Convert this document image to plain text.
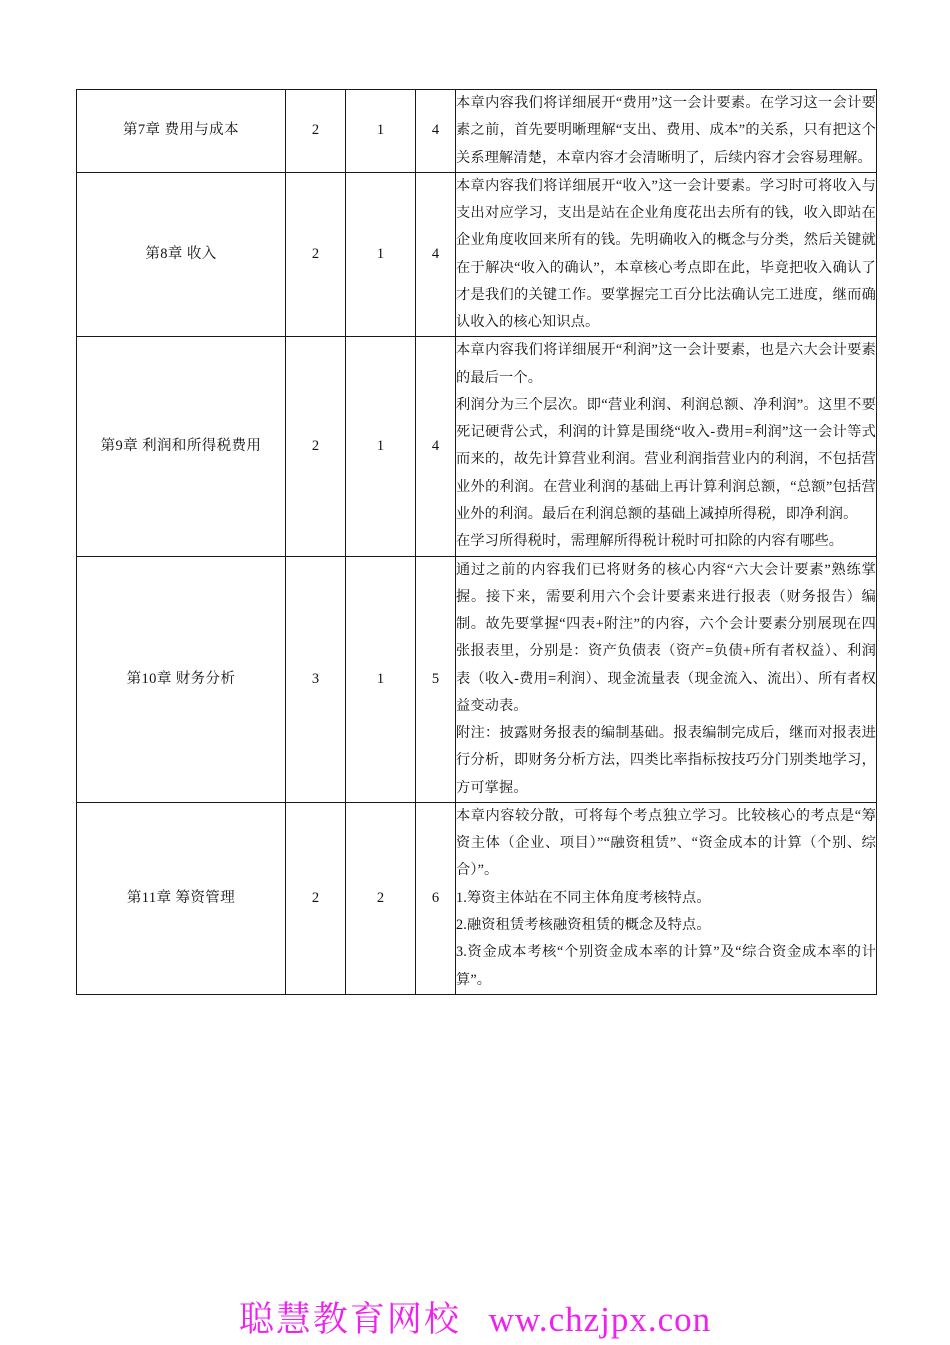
第7章 费用与成本	2	1	4	本章内容我们将详细展开“费用”这一会计要素。在学习这一会计要素之前，首先要明晰理解“支出、费用、成本”的关系，只有把这个关系理解清楚，本章内容才会清晰明了，后续内容才会容易理解。

第8章 收入	2	1	4	本章内容我们将详细展开“收入”这一会计要素。学习时可将收入与支出对应学习，支出是站在企业角度花出去所有的钱，收入即站在企业角度收回来所有的钱。先明确收入的概念与分类，然后关键就在于解决“收入的确认”，本章核心考点即在此，毕竟把收入确认了才是我们的关键工作。要掌握完工百分比法确认完工进度，继而确认收入的核心知识点。

第9章 利润和所得税费用	2	1	4	本章内容我们将详细展开“利润”这一会计要素，也是六大会计要素的最后一个。

利润分为三个层次。即“营业利润、利润总额、净利润”。这里不要死记硬背公式，利润的计算是围绕“收入-费用=利润”这一会计等式而来的，故先计算营业利润。营业利润指营业内的利润，不包括营业外的利润。在营业利润的基础上再计算利润总额，“总额”包括营业外的利润。最后在利润总额的基础上减掉所得税，即净利润。

在学习所得税时，需理解所得税计税时可扣除的内容有哪些。

第10章 财务分析	3	1	5	通过之前的内容我们已将财务的核心内容“六大会计要素”熟练掌握。接下来，需要利用六个会计要素来进行报表（财务报告）编制。故先要掌握“四表+附注”的内容，六个会计要素分别展现在四张报表里，分别是：资产负债表（资产=负债+所有者权益）、利润表（收入-费用=利润）、现金流量表（现金流入、流出）、所有者权益变动表。

附注：披露财务报表的编制基础。报表编制完成后，继而对报表进行分析，即财务分析方法，四类比率指标按技巧分门别类地学习，方可掌握。

第11章 筹资管理	2	2	6	本章内容较分散，可将每个考点独立学习。比较核心的考点是“筹资主体（企业、项目）”“融资租赁”、“资金成本的计算（个别、综合）”。

1.筹资主体站在不同主体角度考核特点。

2.融资租赁考核融资租赁的概念及特点。

3.资金成本考核“个别资金成本率的计算”及“综合资金成本率的计算”。

聪慧教育网校 ww.chzjpx.con
